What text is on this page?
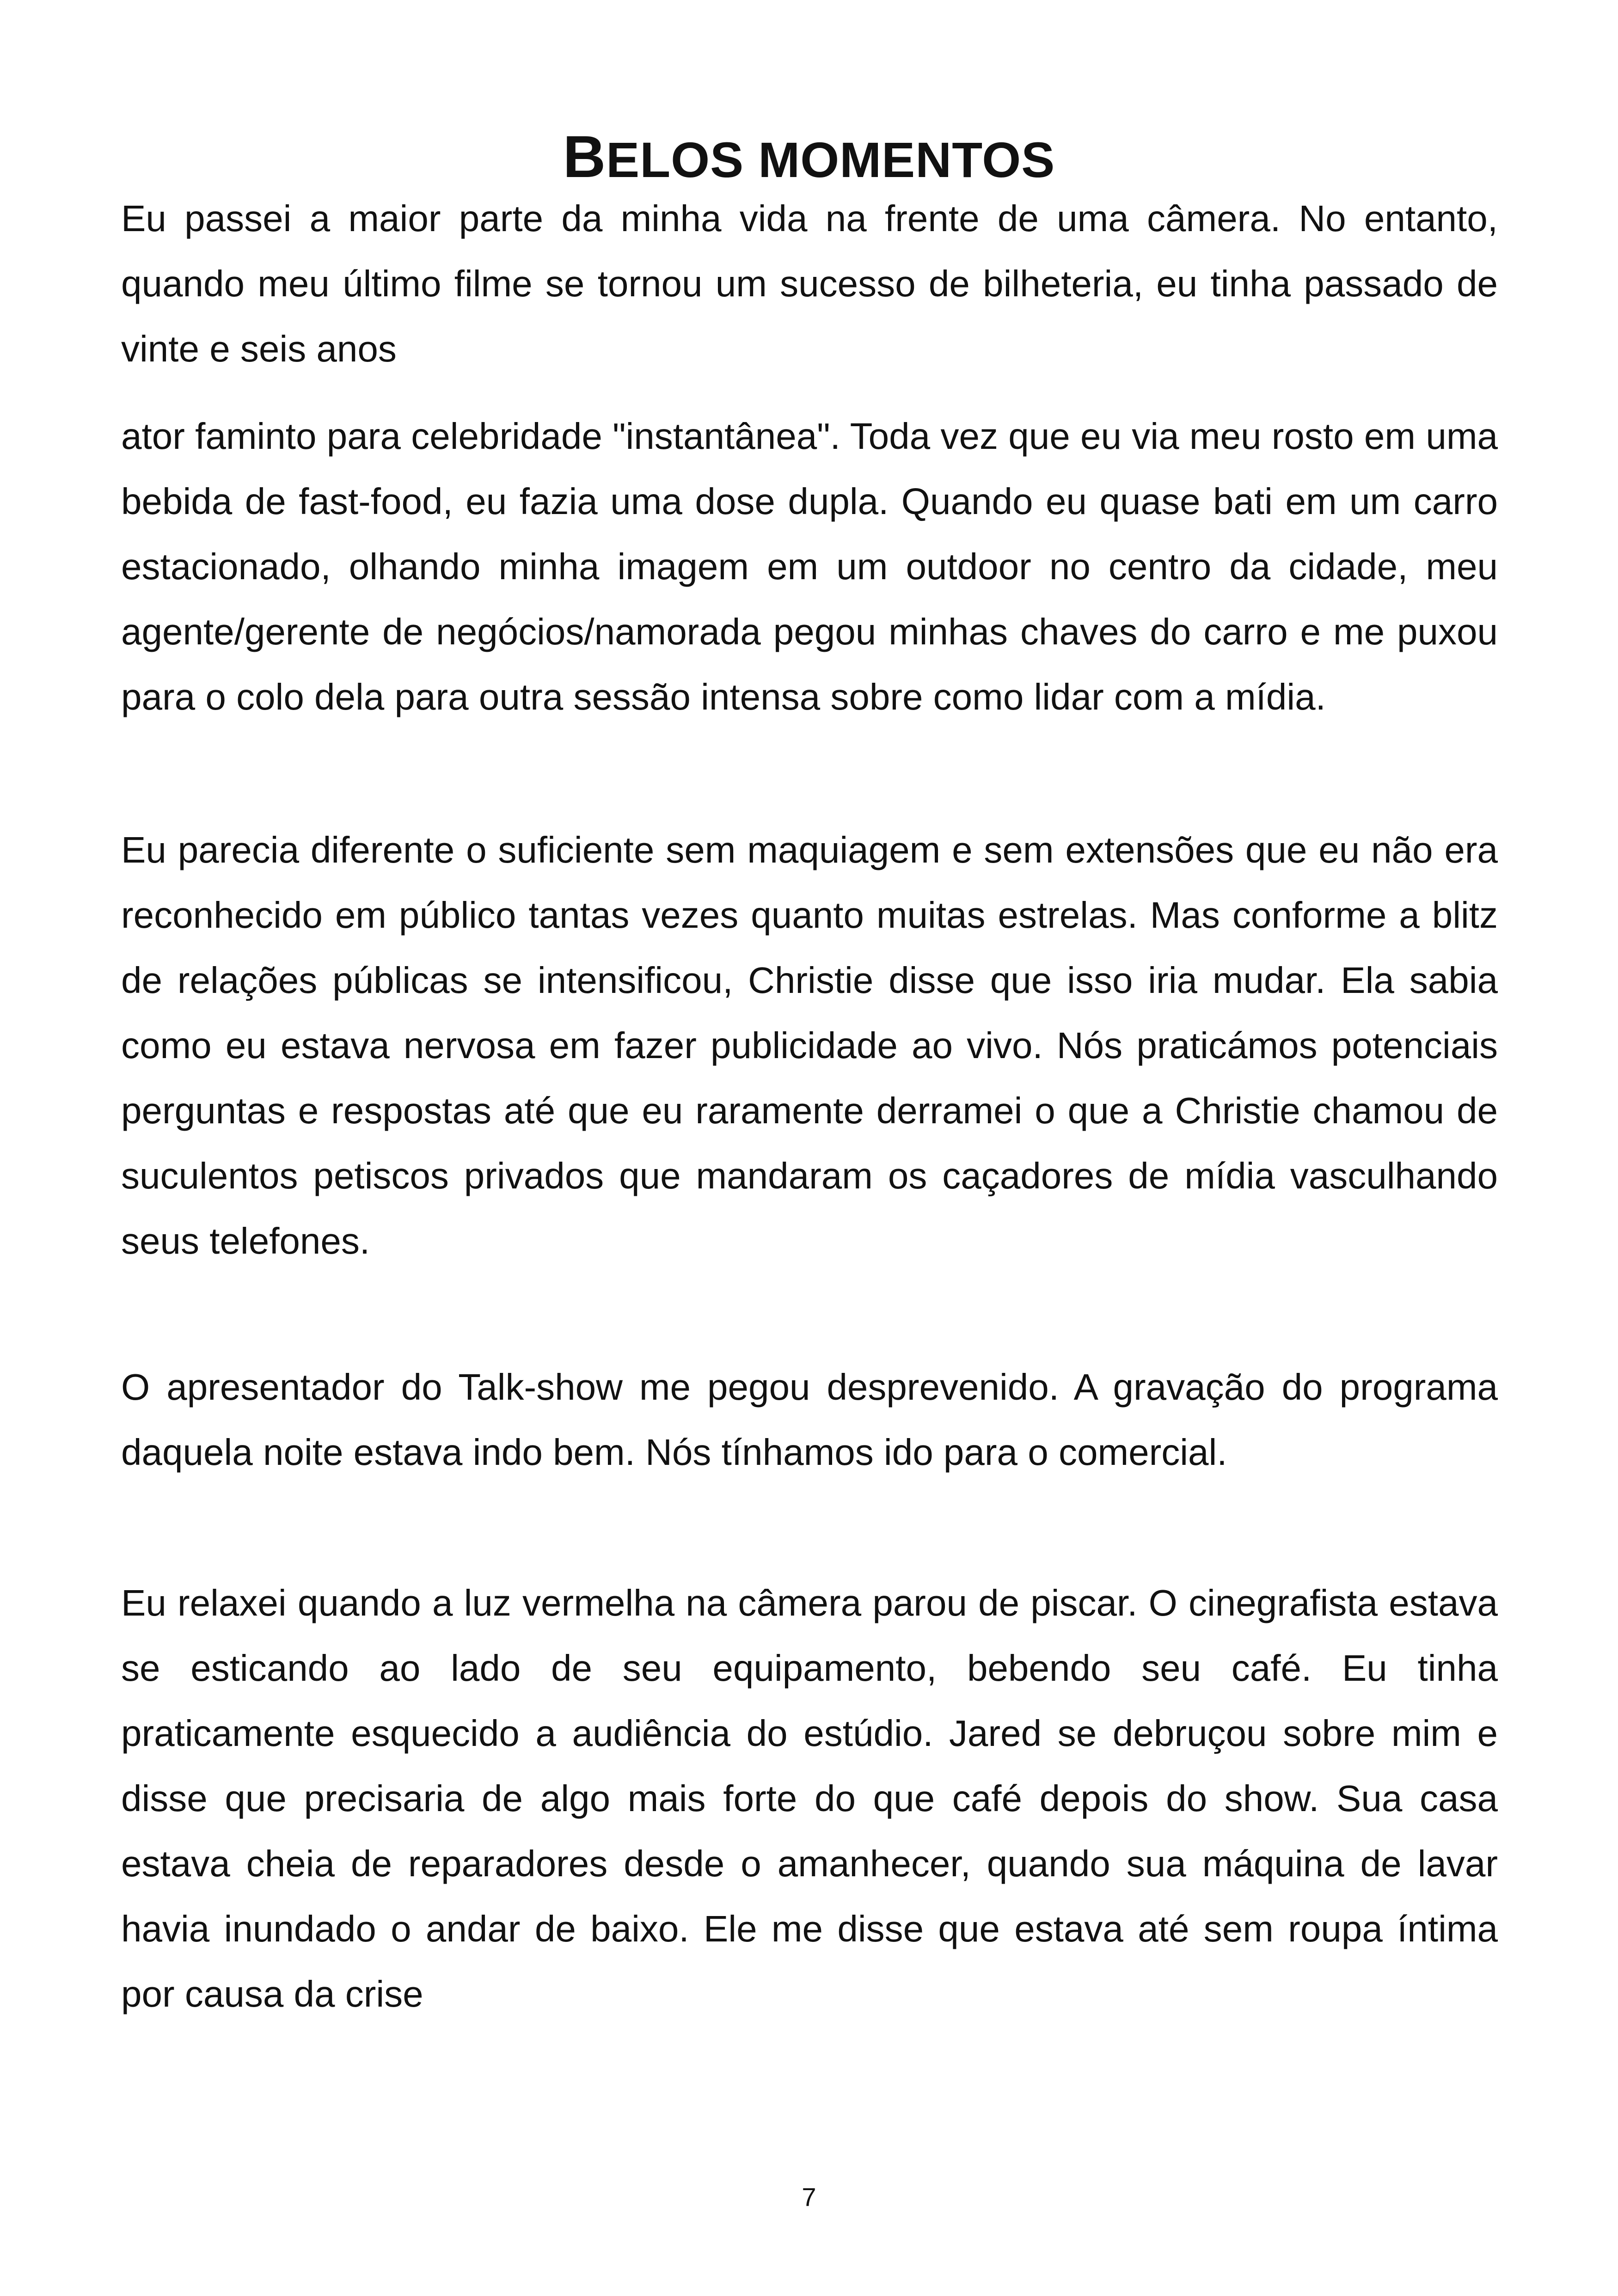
BELOS MOMENTOS

Eu passei a maior parte da minha vida na frente de uma câmera. No entanto, quando meu último filme se tornou um sucesso de bilheteria, eu tinha passado de vinte e seis anos

ator faminto para celebridade "instantânea". Toda vez que eu via meu rosto em uma bebida de fast-food, eu fazia uma dose dupla. Quando eu quase bati em um carro estacionado, olhando minha imagem em um outdoor no centro da cidade, meu agente/gerente de negócios/namorada pegou minhas chaves do carro e me puxou para o colo dela para outra sessão intensa sobre como lidar com a mídia.

Eu parecia diferente o suficiente sem maquiagem e sem extensões que eu não era reconhecido em público tantas vezes quanto muitas estrelas. Mas conforme a blitz de relações públicas se intensificou, Christie disse que isso iria mudar. Ela sabia como eu estava nervosa em fazer publicidade ao vivo. Nós praticámos potenciais perguntas e respostas até que eu raramente derramei o que a Christie chamou de suculentos petiscos privados que mandaram os caçadores de mídia vasculhando seus telefones.

O apresentador do Talk-show me pegou desprevenido. A gravação do programa daquela noite estava indo bem. Nós tínhamos ido para o comercial.

Eu relaxei quando a luz vermelha na câmera parou de piscar. O cinegrafista estava se esticando ao lado de seu equipamento, bebendo seu café. Eu tinha praticamente esquecido a audiência do estúdio. Jared se debruçou sobre mim e disse que precisaria de algo mais forte do que café depois do show. Sua casa estava cheia de reparadores desde o amanhecer, quando sua máquina de lavar havia inundado o andar de baixo. Ele me disse que estava até sem roupa íntima por causa da crise

7
